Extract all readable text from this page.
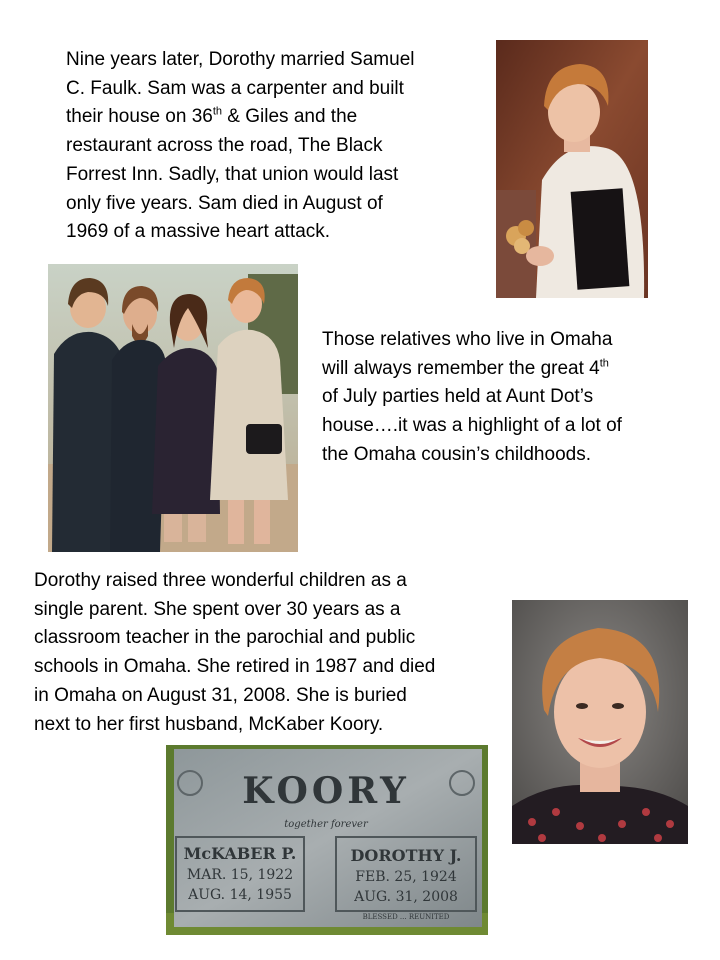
Nine years later, Dorothy married Samuel
C. Faulk. Sam was a carpenter and built
their house on 36th & Giles and the
restaurant across the road, The Black
Forrest Inn. Sadly, that union would last
only five years. Sam died in August of
1969 of a massive heart attack.

Those relatives who live in Omaha
will always remember the great 4th
of July parties held at Aunt Dot’s
house….it was a highlight of a lot of
the Omaha cousin’s childhoods.

Dorothy raised three wonderful children as a
single parent. She spent over 30 years as a
classroom teacher in the parochial and public
schools in Omaha. She retired in 1987 and died
in Omaha on August 31, 2008. She is buried
next to her first husband, McKaber Koory.

KOORY
together forever
McKABER P.
MAR. 15, 1922
AUG. 14, 1955
DOROTHY J.
FEB. 25, 1924
AUG. 31, 2008
BLESSED ... REUNITED
